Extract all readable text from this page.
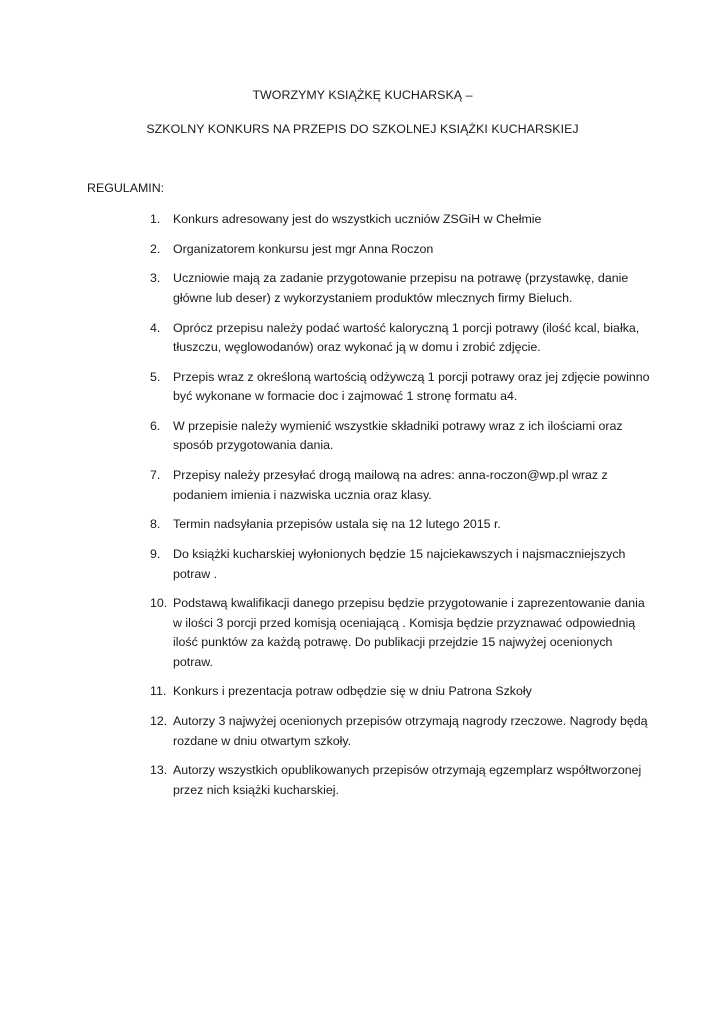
TWORZYMY KSIĄŻKĘ KUCHARSKĄ –
SZKOLNY KONKURS NA PRZEPIS DO SZKOLNEJ KSIĄŻKI KUCHARSKIEJ
REGULAMIN:
1. Konkurs adresowany jest do wszystkich uczniów ZSGiH w Chełmie
2. Organizatorem konkursu jest mgr Anna Roczon
3. Uczniowie mają za zadanie przygotowanie przepisu na potrawę (przystawkę, danie główne lub deser) z wykorzystaniem produktów mlecznych firmy Bieluch.
4. Oprócz przepisu należy podać wartość kaloryczną 1 porcji potrawy (ilość kcal, białka, tłuszczu, węglowodanów) oraz wykonać ją w domu i zrobić zdjęcie.
5. Przepis wraz z określoną wartością odżywczą 1 porcji potrawy oraz jej zdjęcie powinno być wykonane w formacie doc i zajmować 1 stronę formatu a4.
6. W przepisie należy wymienić wszystkie składniki potrawy wraz z ich ilościami oraz sposób przygotowania dania.
7. Przepisy należy przesyłać drogą mailową na adres: anna-roczon@wp.pl wraz z podaniem imienia i nazwiska ucznia oraz klasy.
8. Termin nadsyłania przepisów ustala się na 12 lutego 2015 r.
9. Do książki kucharskiej wyłonionych będzie 15 najciekawszych i najsmaczniejszych potraw .
10. Podstawą kwalifikacji danego przepisu będzie przygotowanie i zaprezentowanie dania w ilości 3 porcji przed komisją oceniającą . Komisja będzie przyznawać odpowiednią ilość punktów za każdą potrawę. Do publikacji przejdzie 15 najwyżej ocenionych potraw.
11. Konkurs i prezentacja potraw odbędzie się w dniu Patrona Szkoły
12. Autorzy 3 najwyżej ocenionych przepisów otrzymają nagrody rzeczowe. Nagrody będą rozdane w dniu otwartym szkoły.
13. Autorzy wszystkich opublikowanych przepisów otrzymają egzemplarz współtworzonej przez nich książki kucharskiej.
